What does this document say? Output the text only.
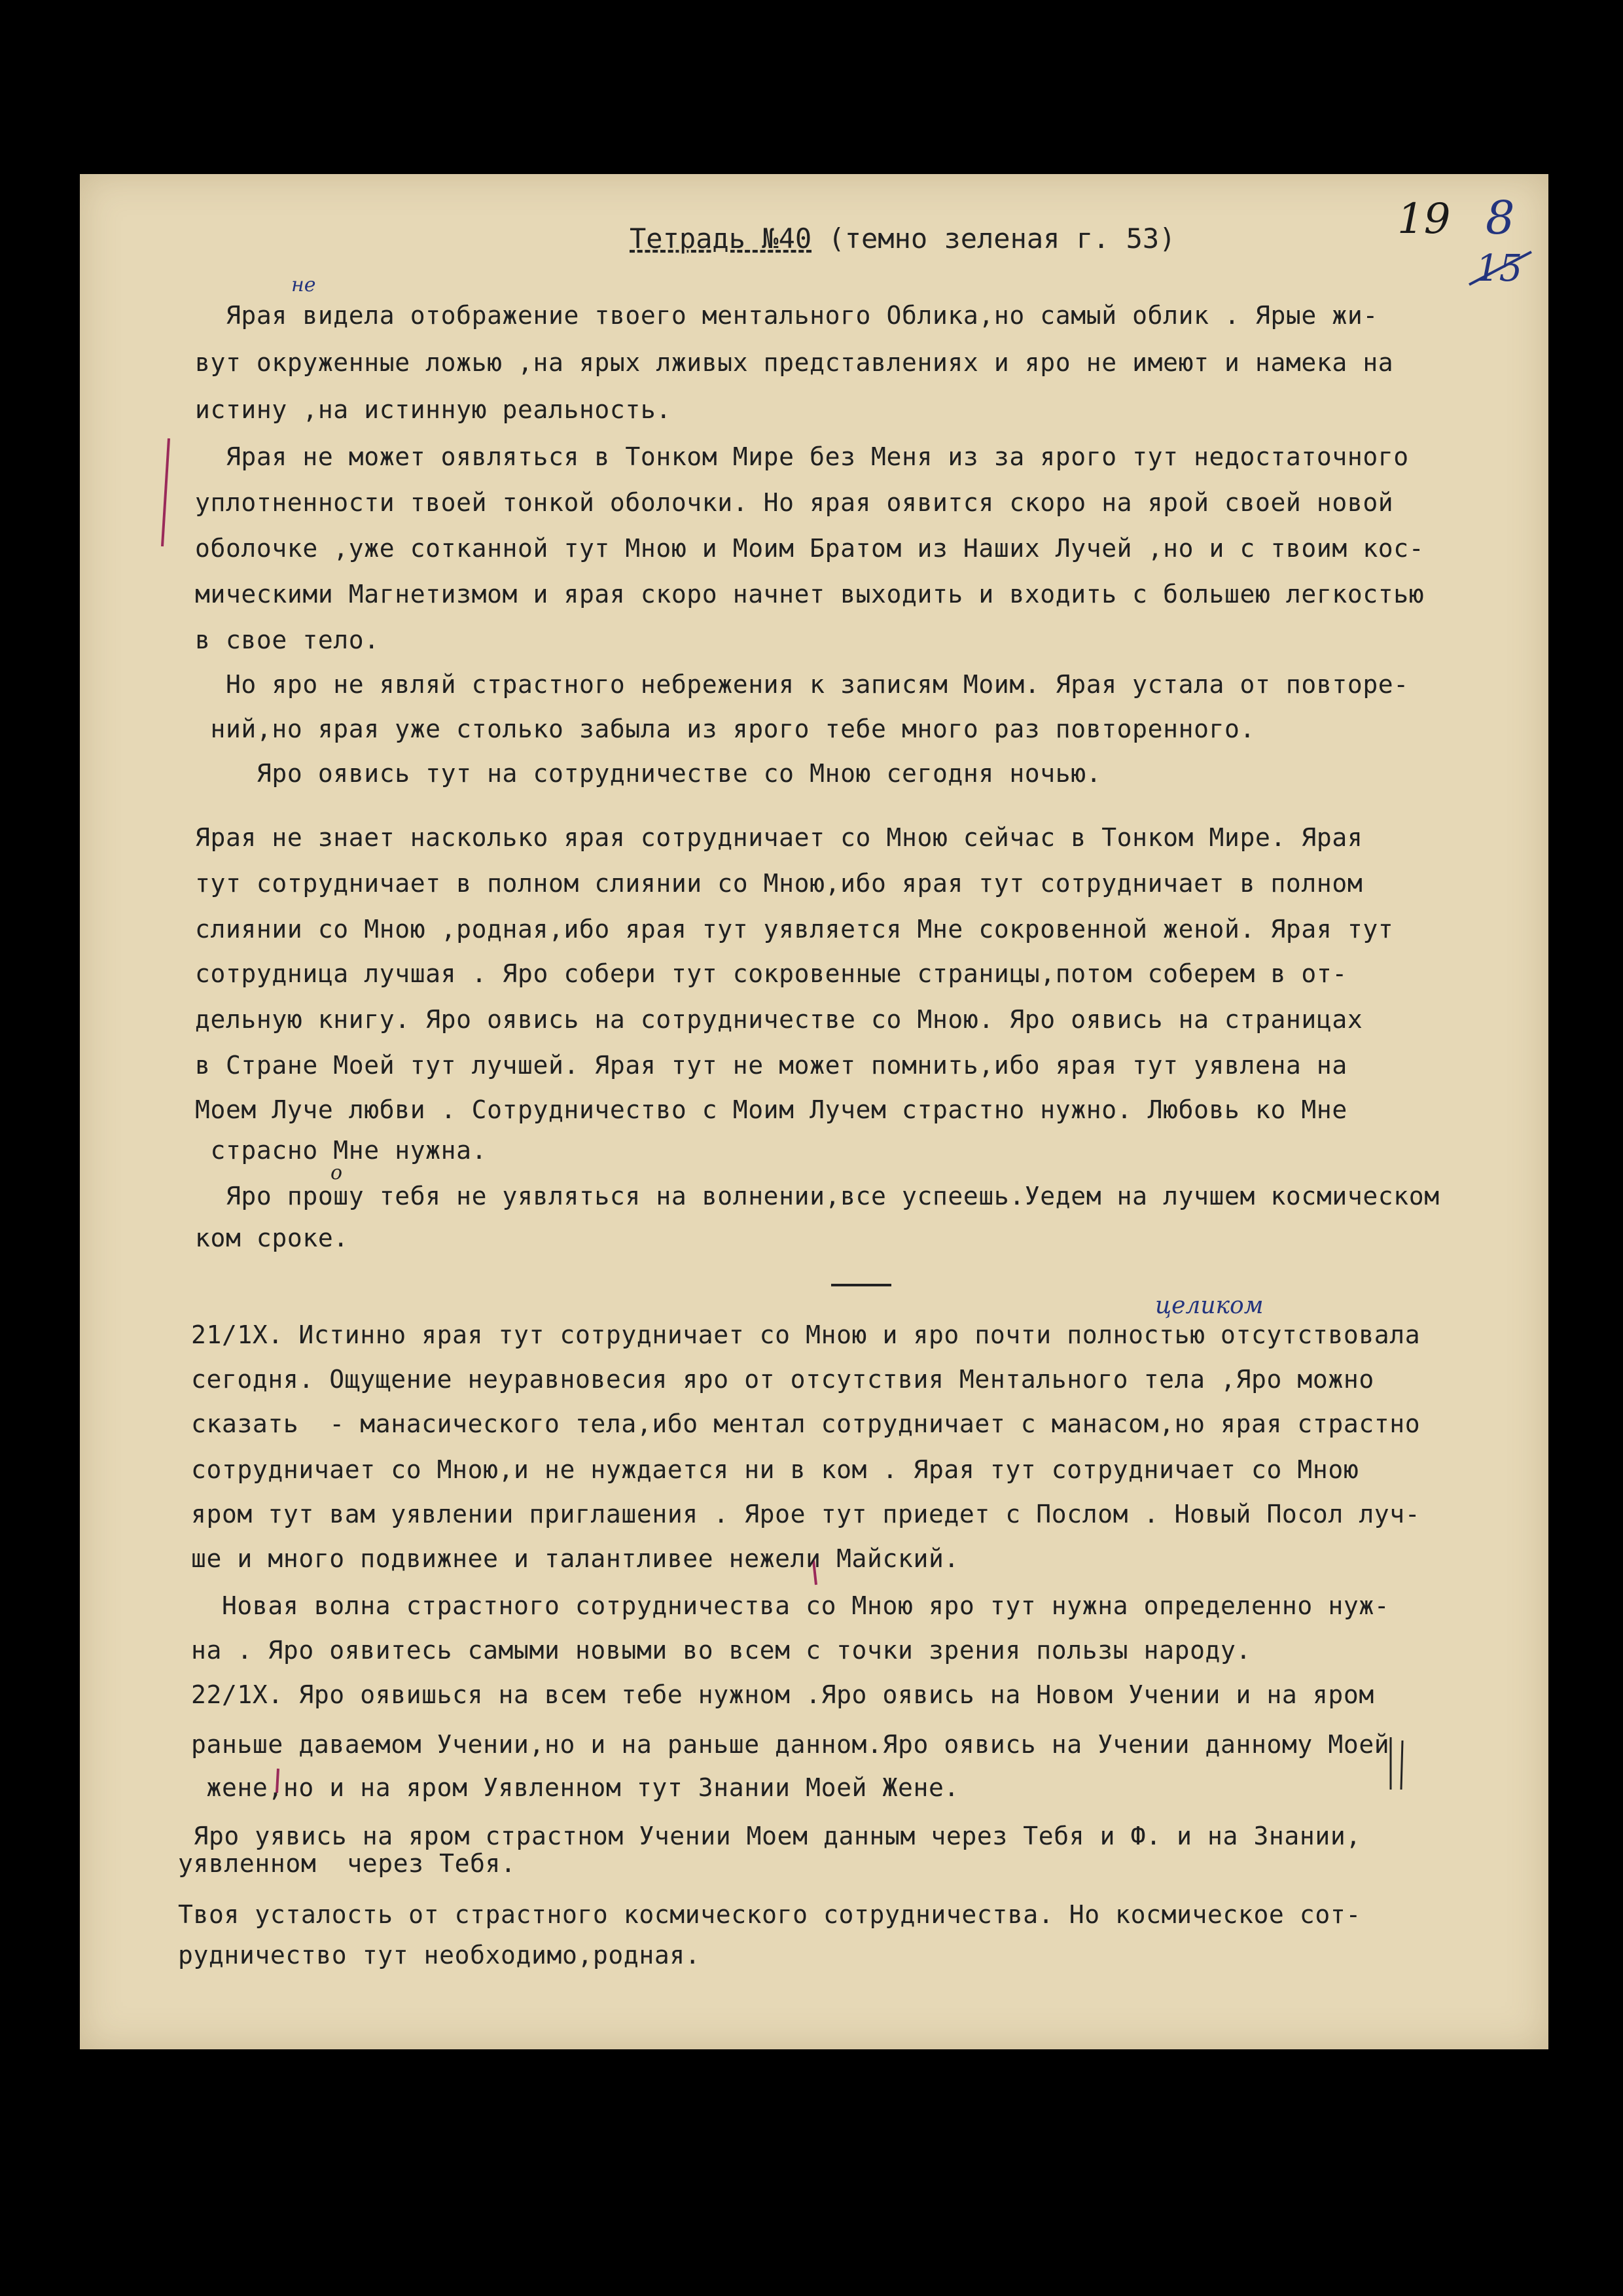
Тетрадь №40 (темно зеленая г. 53)	19 8
15
не
целиком
о
Ярая видела отображение твоего ментального Облика,но самый облик . Ярые жи-
вут окруженные ложью ,на ярых лживых представлениях и яро не имеют и намека на
истину ,на истинную реальность.
Ярая не может оявляться в Тонком Мире без Меня из за ярого тут недостаточного
уплотненности твоей тонкой оболочки. Но ярая оявится скоро на ярой своей новой
оболочке ,уже сотканной тут Мною и Моим Братом из Наших Лучей ,но и с твоим кос-
мическими Магнетизмом и ярая скоро начнет выходить и входить с большею легкостью
в свое тело.
Но яро не являй страстного небрежения к записям Моим. Ярая устала от повторе-
ний,но ярая уже столько забыла из ярого тебе много раз повторенного.
Яро оявись тут на сотрудничестве со Мною сегодня ночью.
Ярая не знает насколько ярая сотрудничает со Мною сейчас в Тонком Мире. Ярая
тут сотрудничает в полном слиянии со Мною,ибо ярая тут сотрудничает в полном
слиянии со Мною ,родная,ибо ярая тут уявляется Мне сокровенной женой. Ярая тут
сотрудница лучшая . Яро собери тут сокровенные страницы,потом соберем в от-
дельную книгу. Яро оявись на сотрудничестве со Мною. Яро оявись на страницах
в Стране Моей тут лучшей. Ярая тут не может помнить,ибо ярая тут уявлена на
Моем Луче любви . Сотрудничество с Моим Лучем страстно нужно. Любовь ко Мне
страсно Мне нужна.
Яро прошу тебя не уявляться на волнении,все успеешь.Уедем на лучшем космическом
ком сроке.
21/1Х. Истинно ярая тут сотрудничает со Мною и яро почти полностью отсутствовала
сегодня. Ощущение неуравновесия яро от отсутствия Ментального тела ,Яро можно
сказать  - манасического тела,ибо ментал сотрудничает с манасом,но ярая страстно
сотрудничает со Мною,и не нуждается ни в ком . Ярая тут сотрудничает со Мною
яром тут вам уявлении приглашения . Ярое тут приедет с Послом . Новый Посол луч-
ше и много подвижнее и талантливее нежели Майский.
Новая волна страстного сотрудничества со Мною яро тут нужна определенно нуж-
на . Яро оявитесь самыми новыми во всем с точки зрения пользы народу.
22/1Х. Яро оявишься на всем тебе нужном .Яро оявись на Новом Учении и на яром
раньше даваемом Учении,но и на раньше данном.Яро оявись на Учении данному Моей
жене,но и на яром Уявленном тут Знании Моей Жене.
Яро уявись на яром страстном Учении Моем данным через Тебя и Ф. и на Знании,
уявленном  через Тебя.
Твоя усталость от страстного космического сотрудничества. Но космическое сот-
рудничество тут необходимо,родная.
